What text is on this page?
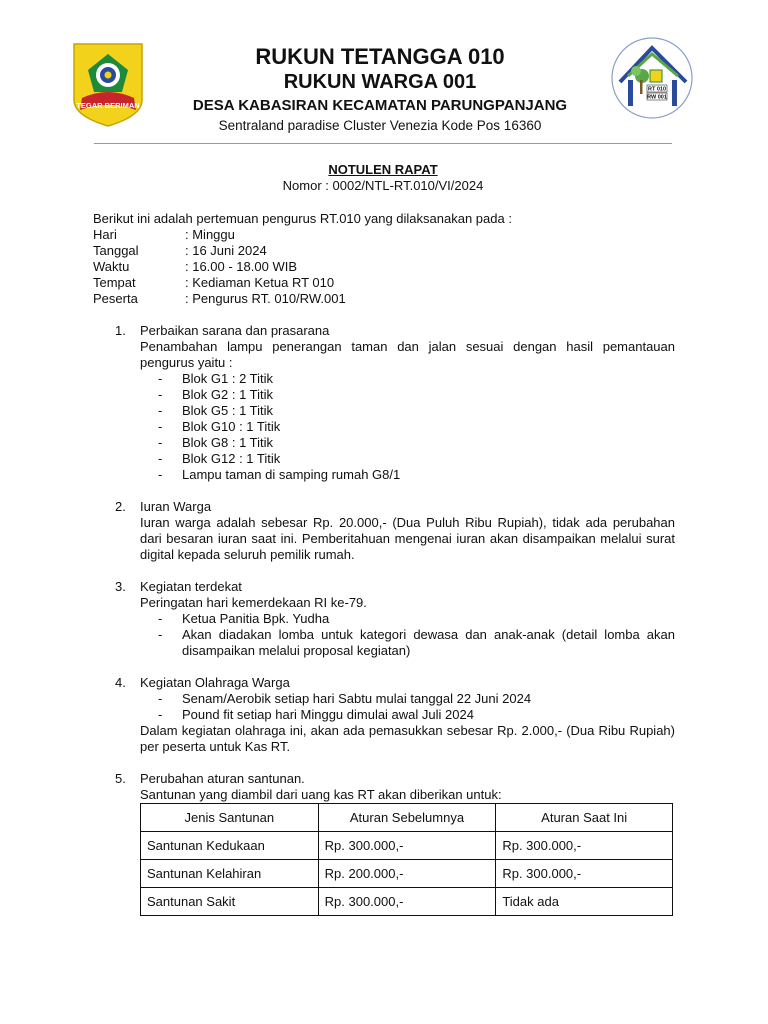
TEGAR BERIMAN
RT 010
RW 001
RUKUN TETANGGA 010
RUKUN WARGA 001
DESA KABASIRAN KECAMATAN PARUNGPANJANG
Sentraland paradise Cluster Venezia Kode Pos 16360
NOTULEN RAPAT
Nomor : 0002/NTL-RT.010/VI/2024
Berikut ini adalah pertemuan pengurus RT.010 yang dilaksanakan pada :
Hari	: Minggu
Tanggal	: 16 Juni 2024
Waktu	: 16.00 - 18.00 WIB
Tempat	: Kediaman Ketua RT 010
Peserta	: Pengurus RT. 010/RW.001
1.	Perbaikan sarana dan prasarana
Penambahan lampu penerangan taman dan jalan sesuai dengan hasil pemantauan pengurus yaitu :
-	Blok G1 : 2 Titik
-	Blok G2 : 1 Titik
-	Blok G5 : 1 Titik
-	Blok G10 : 1 Titik
-	Blok G8 : 1 Titik
-	Blok G12 : 1 Titik
-	Lampu taman di samping rumah G8/1
2.	Iuran Warga
Iuran warga adalah sebesar Rp. 20.000,- (Dua Puluh Ribu Rupiah), tidak ada perubahan dari besaran iuran saat ini. Pemberitahuan mengenai iuran akan disampaikan melalui surat digital kepada seluruh pemilik rumah.
3.	Kegiatan terdekat
Peringatan hari kemerdekaan RI ke-79.
-	Ketua Panitia Bpk. Yudha
-	Akan diadakan lomba untuk kategori dewasa dan anak-anak (detail lomba akan disampaikan melalui proposal kegiatan)
4.	Kegiatan Olahraga Warga
-	Senam/Aerobik setiap hari Sabtu mulai tanggal 22 Juni 2024
-	Pound fit setiap hari Minggu dimulai awal Juli 2024
Dalam kegiatan olahraga ini, akan ada pemasukkan sebesar Rp. 2.000,- (Dua Ribu Rupiah) per peserta untuk Kas RT.
5.	Perubahan aturan santunan.
Santunan yang diambil dari uang kas RT akan diberikan untuk:
Jenis Santunan	Aturan Sebelumnya	Aturan Saat Ini
Santunan Kedukaan	Rp. 300.000,-	Rp. 300.000,-
Santunan Kelahiran	Rp. 200.000,-	Rp. 300.000,-
Santunan Sakit	Rp. 300.000,-	Tidak ada
